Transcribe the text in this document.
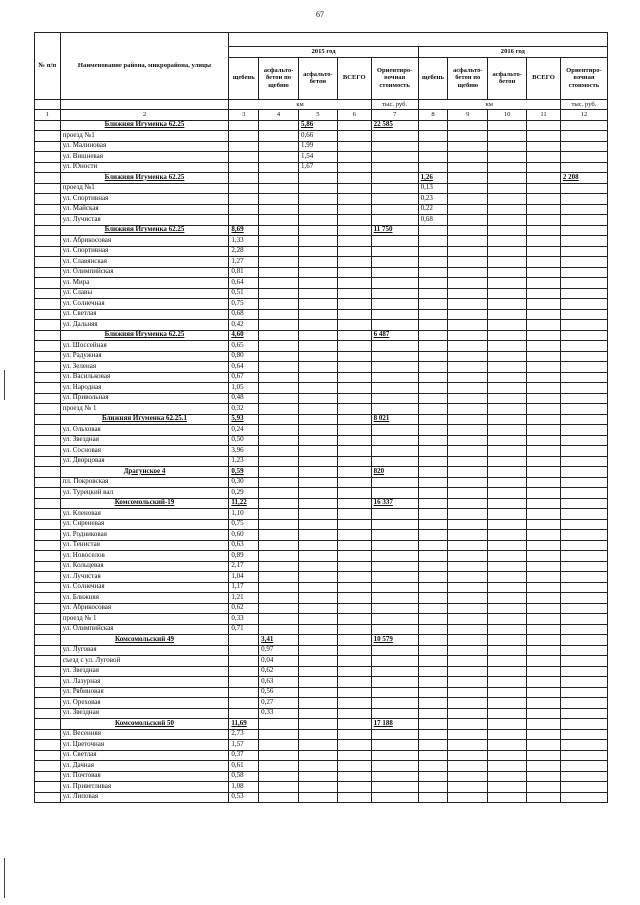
67
№ п/п	Наименование района, микрорайона, улицы										
		2015 год					2016 год				
		щебень	асфальто-бетон по щебню	асфальто-бетон	ВСЕГО	Ориентиро-вочная стоимость	щебень	асфальто-бетон по щебню	асфальто-бетон	ВСЕГО	Ориентиро-вочная стоимость
		км				тыс. руб.	км				тыс. руб.
1	2	3	4	5	6	7	8	9	10	11	12
	Ближняя Игуменка 62.25			5,86		22 585					
	проезд №1			0,66							
	ул. Малиновая			1,99							
	ул. Вишневая			1,54							
	ул. Юности			1,67							
	Ближняя Игуменка 62.25						1,26				2 208
	проезд №1						0,13				
	ул. Спортивная						0,23				
	ул. Майская						0,22				
	ул. Лучистая						0,68				
	Ближняя Игуменка 62.25	8,69				11 750					
	ул. Абрикосовая	1,33									
	ул. Спортивная	2,28									
	ул. Славянская	1,27									
	ул. Олимпийская	0,81									
	ул. Мира	0,64									
	ул. Славы	0,51									
	ул. Солнечная	0,75									
	ул. Светлая	0,68									
	ул. Дальняя	0,42									
	Ближняя Игуменка 62.25	4,60				6 487					
	ул. Шоссейная	0,65									
	ул. Радужная	0,80									
	ул. Зеленая	0,64									
	ул. Васильковая	0,67									
	ул. Народная	1,05									
	ул. Привольная	0,48									
	проезд № 1	0,32									
	Ближняя Игуменка 62.25.1	5,93				8 021					
	ул. Ольховая	0,24									
	ул. Звездная	0,50									
	ул. Сосновая	3,96									
	ул. Дворцовая	1,23									
	Драгунское 4	0,59				820					
	пл. Покровская	0,30									
	ул. Турецкий вал	0,29									
	Комсомольский-19	11,22				16 337					
	ул. Кленовая	1,10									
	ул. Сиреневая	0,75									
	ул. Родниковая	0,60									
	ул. Тенистая	0,63									
	ул. Новоселов	0,89									
	ул. Кольцевая	2,17									
	ул. Лучистая	1,04									
	ул. Солнечная	1,17									
	ул. Ближняя	1,21									
	ул. Абрикосовая	0,62									
	проезд № 1	0,33									
	ул. Олимпийская	0,71									
	Комсомольский 49		3,41			10 579					
	ул. Луговая		0,97								
	съезд с ул. Луговой		0,04								
	ул. Звездная		0,62								
	ул. Лазурная		0,63								
	ул. Рябиновая		0,56								
	ул. Ореховая		0,27								
	ул. Звездная		0,33								
	Комсомольский 50	11,69				17 188					
	ул. Весенняя	2,73									
	ул. Цветочная	1,57									
	ул. Светлая	0,37									
	ул. Дачная	0,61									
	ул. Почтовая	0,58									
	ул. Приветливая	1,08									
	ул. Липовая	0,53									
